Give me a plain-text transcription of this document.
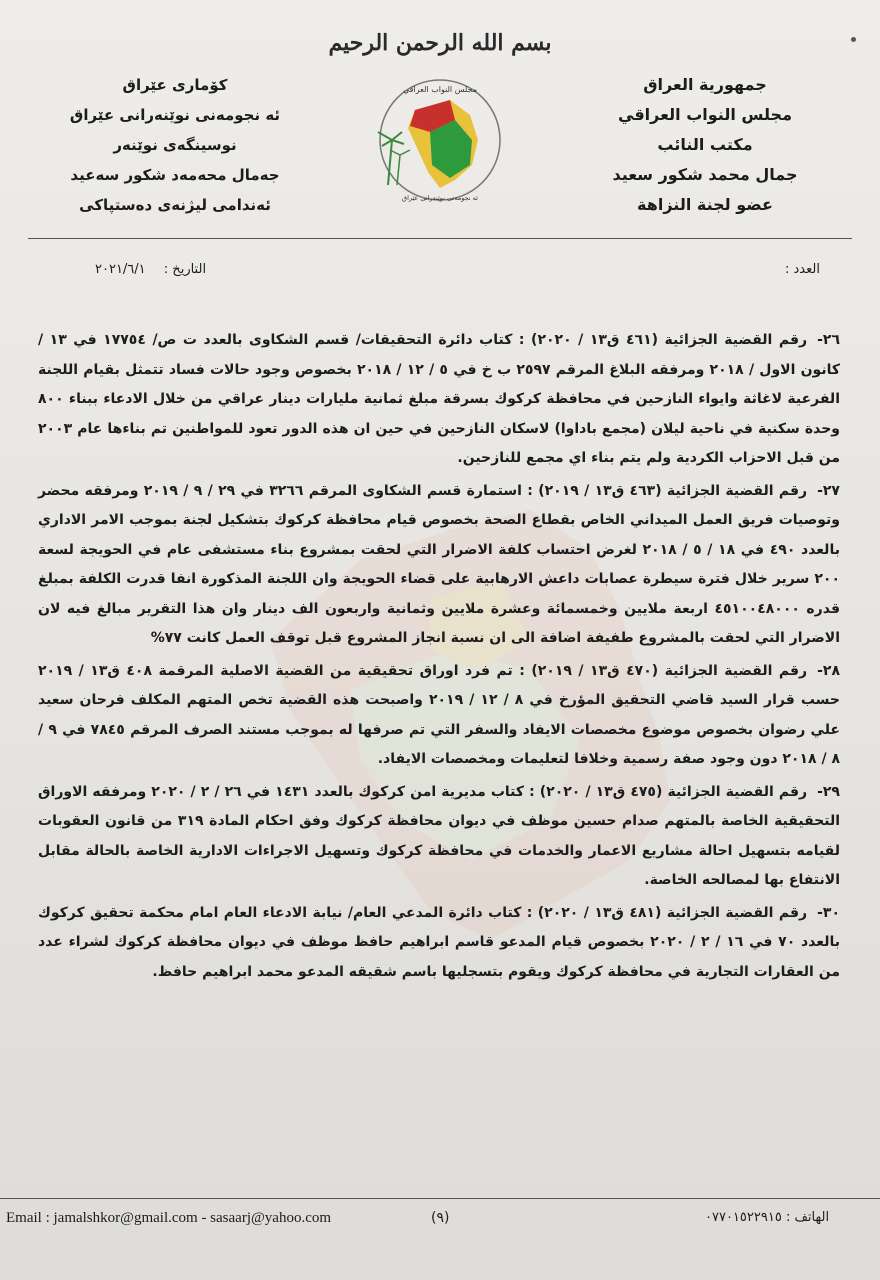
بسم الله الرحمن الرحيم
جمهورية العراق
مجلس النواب العراقي
مكتب النائب
جمال محمد شكور سعيد
عضو لجنة النزاهة
مجلس النواب العراقي
ئه نجومه‌نی نوێنه‌رانی عێراق
كۆماری عێراق
ئه نجومه‌نی نوێنه‌رانی عێراق
نوسینگه‌ی نوێنه‌ر
جه‌مال محه‌مه‌د شكور سه‌عید
ئه‌ندامی لیژنه‌ی ده‌ستپاکی
العدد :
التاريخ : ٢٠٢١/٦/١

٢٦-رقم القضية الجزائية (٤٦١ ق١٣ / ٢٠٢٠) : كتاب دائرة التحقيقات/ قسم الشكاوى بالعدد ت ص/ ١٧٧٥٤ في ١٣ / كانون الاول / ٢٠١٨ ومرفقه البلاغ المرقم ٢٥٩٧ ب خ في ٥ / ١٢ / ٢٠١٨ بخصوص وجود حالات فساد تتمثل بقيام اللجنة الفرعية لاغاثة وايواء النازحين في محافظة كركوك بسرقة مبلغ ثمانية مليارات دينار عراقي من خلال الادعاء ببناء ٨٠٠ وحدة سكنية في ناحية ليلان (مجمع باداوا) لاسكان النازحين في حين ان هذه الدور تعود للمواطنين تم بناءها عام ٢٠٠٣ من قبل الاحزاب الكردية ولم يتم بناء اي مجمع للنازحين.

٢٧-رقم القضية الجزائية (٤٦٣ ق١٣ / ٢٠١٩) : استمارة قسم الشكاوى المرقم ٣٢٦٦ في ٢٩ / ٩ / ٢٠١٩ ومرفقه محضر وتوصيات فريق العمل الميداني الخاص بقطاع الصحة بخصوص قيام محافظة كركوك بتشكيل لجنة بموجب الامر الاداري بالعدد ٤٩٠ في ١٨ / ٥ / ٢٠١٨ لغرض احتساب كلفة الاضرار التي لحقت بمشروع بناء مستشفى عام في الحويجة لسعة ٢٠٠ سرير خلال فترة سيطرة عصابات داعش الارهابية على قضاء الحويجة وان اللجنة المذكورة انفا قدرت الكلفة بمبلغ قدره ٤٥١٠٠٤٨٠٠٠ اربعة ملايين وخمسمائة وعشرة ملايين وثمانية واربعون الف دينار وان هذا التقرير مبالغ فيه لان الاضرار التي لحقت بالمشروع طفيفة اضافة الى ان نسبة انجاز المشروع قبل توقف العمل كانت ٧٧%

٢٨-رقم القضية الجزائية (٤٧٠ ق١٣ / ٢٠١٩) : تم فرد اوراق تحقيقية من القضية الاصلية المرقمة ٤٠٨ ق١٣ / ٢٠١٩ حسب قرار السيد قاضي التحقيق المؤرخ في ٨ / ١٢ / ٢٠١٩ واصبحت هذه القضية تخص المتهم المكلف فرحان سعيد علي رضوان بخصوص موضوع مخصصات الايفاد والسفر التي تم صرفها له بموجب مستند الصرف المرقم ٧٨٤٥ في ٩ / ٨ / ٢٠١٨ دون وجود صفة رسمية وخلافا لتعليمات ومخصصات الايفاد.

٢٩-رقم القضية الجزائية (٤٧٥ ق١٣ / ٢٠٢٠) : كتاب مديرية امن كركوك بالعدد ١٤٣١ في ٢٦ / ٢ / ٢٠٢٠ ومرفقه الاوراق التحقيقية الخاصة بالمتهم صدام حسين موظف في ديوان محافظة كركوك وفق احكام المادة ٣١٩ من قانون العقوبات لقيامه بتسهيل احالة مشاريع الاعمار والخدمات في محافظة كركوك وتسهيل الاجراءات الادارية الخاصة بالحالة مقابل الانتفاع بها لمصالحه الخاصة.

٣٠-رقم القضية الجزائية (٤٨١ ق١٣ / ٢٠٢٠) : كتاب دائرة المدعي العام/ نيابة الادعاء العام امام محكمة تحقيق كركوك بالعدد ٧٠ في ١٦ / ٢ / ٢٠٢٠ بخصوص قيام المدعو قاسم ابراهيم حافظ موظف في ديوان محافظة كركوك لشراء عدد من العقارات التجارية في محافظة كركوك ويقوم بتسجليها باسم شقيقه المدعو محمد ابراهيم حافظ.

Email : jamalshkor@gmail.com - sasaarj@yahoo.com	(٩)	الهاتف : ٠٧٧٠١٥٢٢٩١٥
